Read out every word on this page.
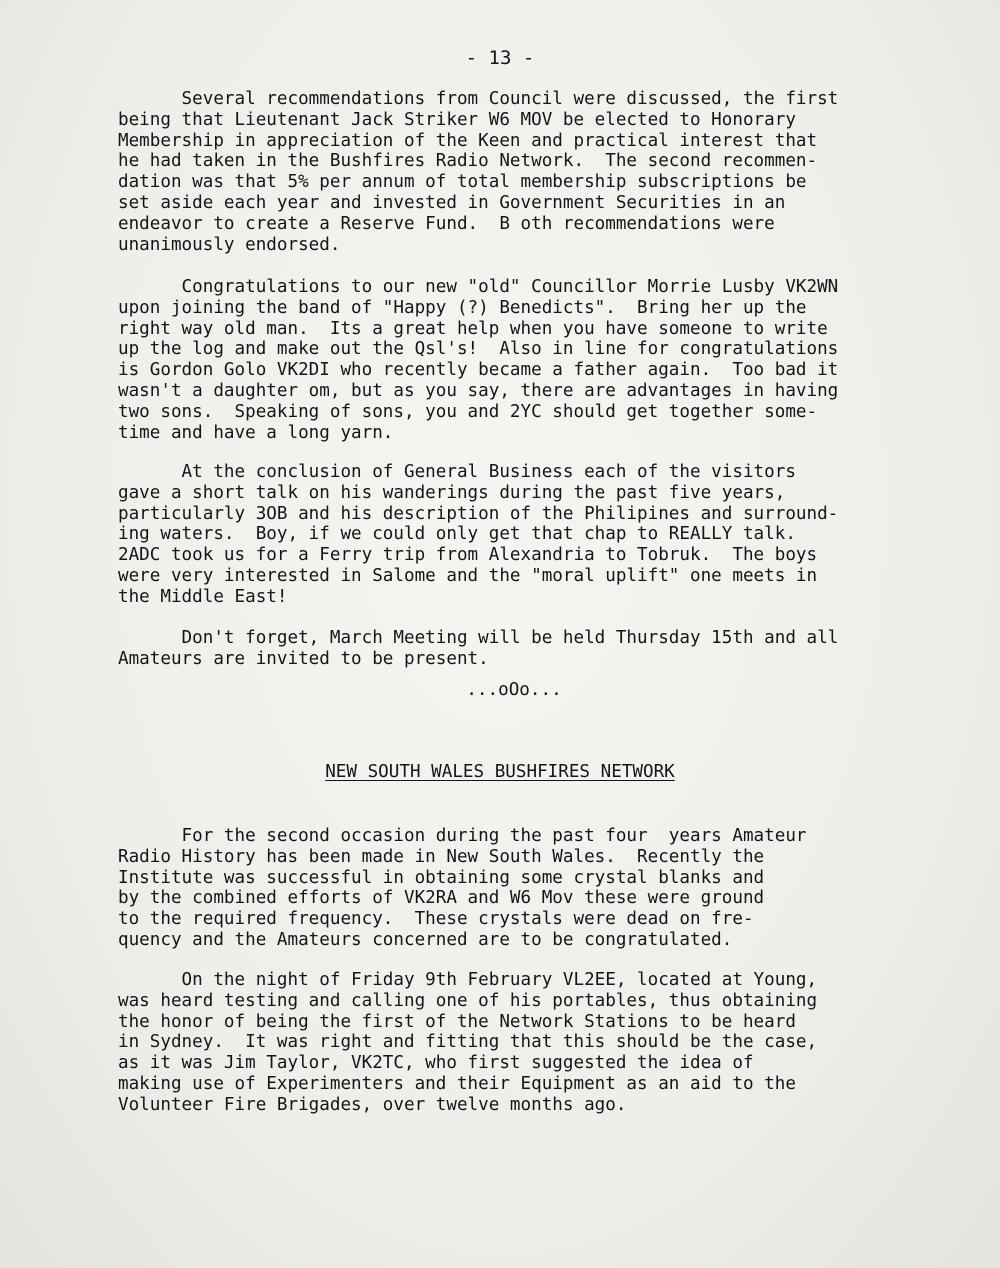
- 13 -
Several recommendations from Council were discussed, the first
being that Lieutenant Jack Striker W6 MOV be elected to Honorary
Membership in appreciation of the Keen and practical interest that
he had taken in the Bushfires Radio Network.  The second recommen-
dation was that 5% per annum of total membership subscriptions be
set aside each year and invested in Government Securities in an
endeavor to create a Reserve Fund.  B oth recommendations were
unanimously endorsed.
Congratulations to our new "old" Councillor Morrie Lusby VK2WN
upon joining the band of "Happy (?) Benedicts".  Bring her up the
right way old man.  Its a great help when you have someone to write
up the log and make out the Qsl's!  Also in line for congratulations
is Gordon Golo VK2DI who recently became a father again.  Too bad it
wasn't a daughter om, but as you say, there are advantages in having
two sons.  Speaking of sons, you and 2YC should get together some-
time and have a long yarn.
At the conclusion of General Business each of the visitors
gave a short talk on his wanderings during the past five years,
particularly 3OB and his description of the Philipines and surround-
ing waters.  Boy, if we could only get that chap to REALLY talk.
2ADC took us for a Ferry trip from Alexandria to Tobruk.  The boys
were very interested in Salome and the "moral uplift" one meets in
the Middle East!
Don't forget, March Meeting will be held Thursday 15th and all
Amateurs are invited to be present.
...oOo...
NEW SOUTH WALES BUSHFIRES NETWORK
For the second occasion during the past four  years Amateur
Radio History has been made in New South Wales.  Recently the
Institute was successful in obtaining some crystal blanks and
by the combined efforts of VK2RA and W6 Mov these were ground
to the required frequency.  These crystals were dead on fre-
quency and the Amateurs concerned are to be congratulated.
On the night of Friday 9th February VL2EE, located at Young,
was heard testing and calling one of his portables, thus obtaining
the honor of being the first of the Network Stations to be heard
in Sydney.  It was right and fitting that this should be the case,
as it was Jim Taylor, VK2TC, who first suggested the idea of
making use of Experimenters and their Equipment as an aid to the
Volunteer Fire Brigades, over twelve months ago.
